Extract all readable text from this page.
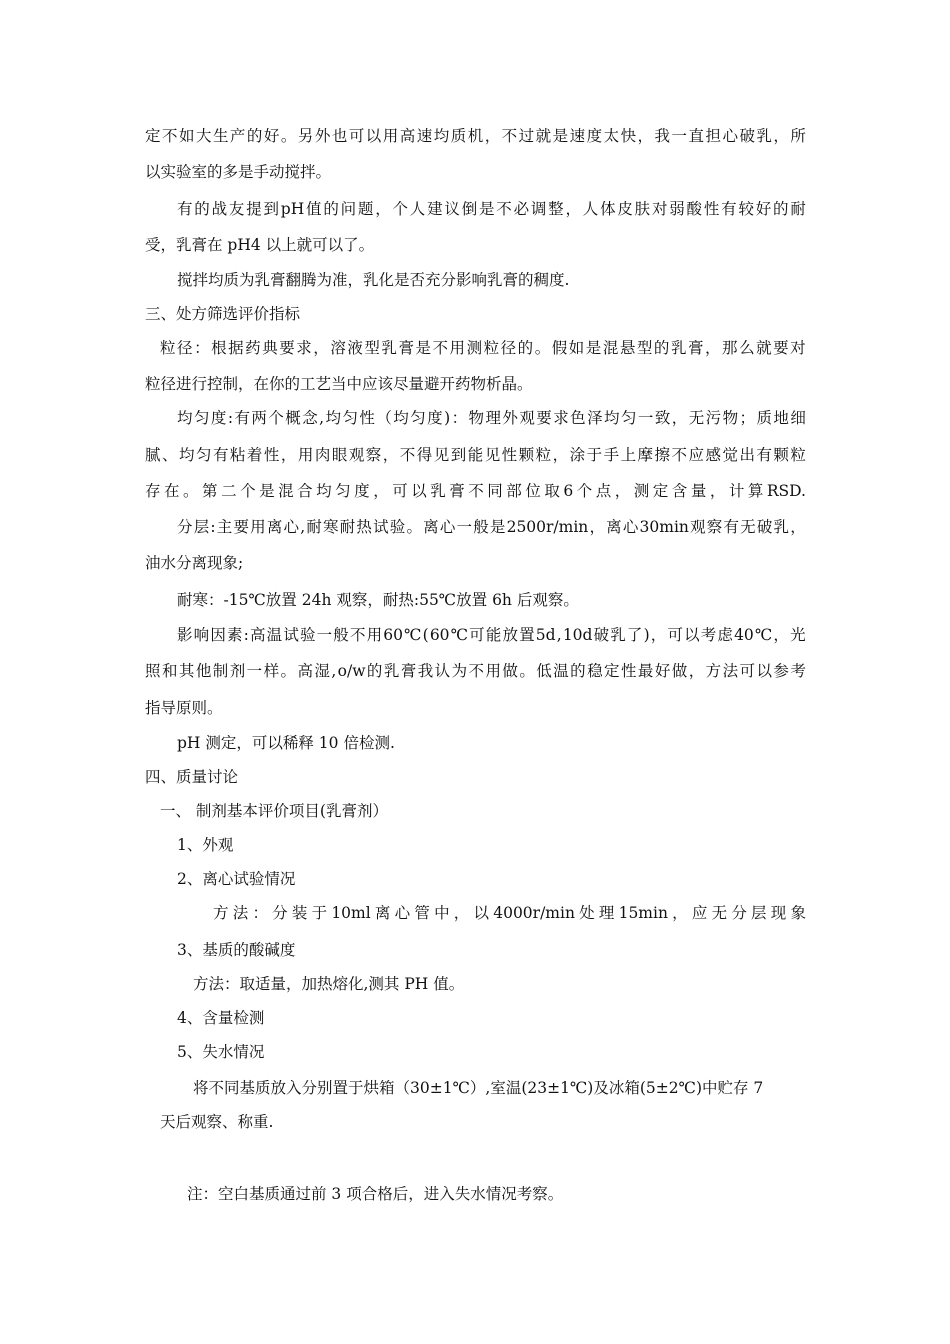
定 不 如 大 生 产 的 好 。 另 外 也 可 以 用 高 速 均 质 机 ， 不 过 就 是 速 度 太 快 ， 我 一 直 担 心 破 乳 ， 所
以实验室的多是手动搅拌。
有 的 战 友 提 到 pH 值 的 问 题 ， 个 人 建 议 倒 是 不 必 调 整 ， 人 体 皮 肤 对 弱 酸 性 有 较 好 的 耐
受，乳膏在 pH4 以上就可以了。
搅拌均质为乳膏翻腾为准，乳化是否充分影响乳膏的稠度.
三、处方筛选评价指标
粒 径 ： 根 据 药 典 要 求 ， 溶 液 型 乳 膏 是 不 用 测 粒 径 的 。 假 如 是 混 悬 型 的 乳 膏 ， 那 么 就 要 对
粒径进行控制，在你的工艺当中应该尽量避开药物析晶。
均 匀 度 : 有 两 个 概 念 , 均 匀 性 （ 均 匀 度 ) ： 物 理 外 观 要 求 色 泽 均 匀 一 致 ， 无 污 物 ； 质 地 细
腻 、 均 匀 有 粘 着 性 ， 用 肉 眼 观 察 ， 不 得 见 到 能 见 性 颗 粒 ， 涂 于 手 上 摩 擦 不 应 感 觉 出 有 颗 粒
存 在 。 第 二 个 是 混 合 均 匀 度 ， 可 以 乳 膏 不 同 部 位 取 6 个 点 ， 测 定 含 量 ， 计 算 RSD.
分 层 : 主 要 用 离 心 , 耐 寒 耐 热 试 验 。 离 心 一 般 是 2500r/min ， 离 心 30min 观 察 有 无 破 乳 ，
油水分离现象;
耐寒：-15℃放置 24h 观察，耐热:55℃放置 6h 后观察。
影 响 因 素 : 高 温 试 验 一 般 不 用 60 ℃ ( 60 ℃ 可 能 放 置 5d , 10d 破 乳 了 ) ， 可 以 考 虑 40 ℃ ， 光
照 和 其 他 制 剂 一 样 。 高 湿 , o/w 的 乳 膏 我 认 为 不 用 做 。 低 温 的 稳 定 性 最 好 做 ， 方 法 可 以 参 考
指导原则。
pH 测定，可以稀释 10 倍检测.
四、质量讨论
一、 制剂基本评价项目(乳膏剂）
1、外观
2、离心试验情况
方 法 ： 分 装 于 10ml 离 心 管 中 ， 以 4000r/min 处 理 15min ， 应 无 分 层 现 象
3、基质的酸碱度
方法：取适量，加热熔化,测其 PH 值。
4、含量检测
5、失水情况
将不同基质放入分别置于烘箱（30±1℃）,室温(23±1℃)及冰箱(5±2℃)中贮存 7
天后观察、称重.
注：空白基质通过前 3 项合格后，进入失水情况考察。
